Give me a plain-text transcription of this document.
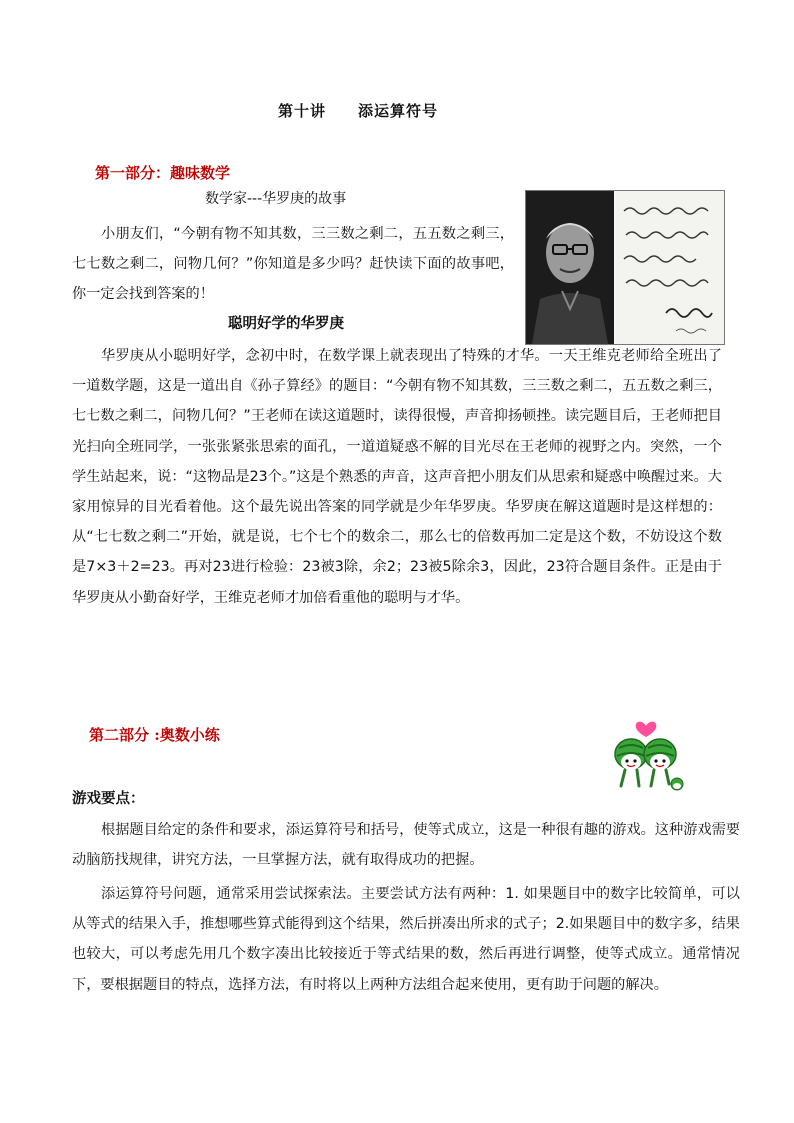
第十讲 添运算符号
第一部分：趣味数学
数学家---华罗庚的故事
小朋友们，“今朝有物不知其数，三三数之剩二，五五数之剩三，七七数之剩二，问物几何？”你知道是多少吗？赶快读下面的故事吧，你一定会找到答案的！
聪明好学的华罗庚
华罗庚从小聪明好学，念初中时，在数学课上就表现出了特殊的才华。一天王维克老师给全班出了一道数学题，这是一道出自《孙子算经》的题目：“今朝有物不知其数，三三数之剩二，五五数之剩三，七七数之剩二，问物几何？”王老师在读这道题时，读得很慢，声音抑扬顿挫。读完题目后，王老师把目光扫向全班同学，一张张紧张思索的面孔，一道道疑惑不解的目光尽在王老师的视野之内。突然，一个学生站起来，说：“这物品是23个。”这是个熟悉的声音，这声音把小朋友们从思索和疑惑中唤醒过来。大家用惊异的目光看着他。这个最先说出答案的同学就是少年华罗庚。华罗庚在解这道题时是这样想的：从“七七数之剩二”开始，就是说，七个七个的数余二，那么七的倍数再加二定是这个数，不妨设这个数是7×3＋2=23。再对23进行检验：23被3除，余2；23被5除余3，因此，23符合题目条件。正是由于华罗庚从小勤奋好学，王维克老师才加倍看重他的聪明与才华。
第二部分 :奥数小练
游戏要点：
根据题目给定的条件和要求，添运算符号和括号，使等式成立，这是一种很有趣的游戏。这种游戏需要动脑筋找规律，讲究方法，一旦掌握方法，就有取得成功的把握。
添运算符号问题，通常采用尝试探索法。主要尝试方法有两种：1. 如果题目中的数字比较简单，可以从等式的结果入手，推想哪些算式能得到这个结果，然后拼凑出所求的式子；2.如果题目中的数字多，结果也较大，可以考虑先用几个数字凑出比较接近于等式结果的数，然后再进行调整，使等式成立。通常情况下，要根据题目的特点，选择方法，有时将以上两种方法组合起来使用，更有助于问题的解决。
